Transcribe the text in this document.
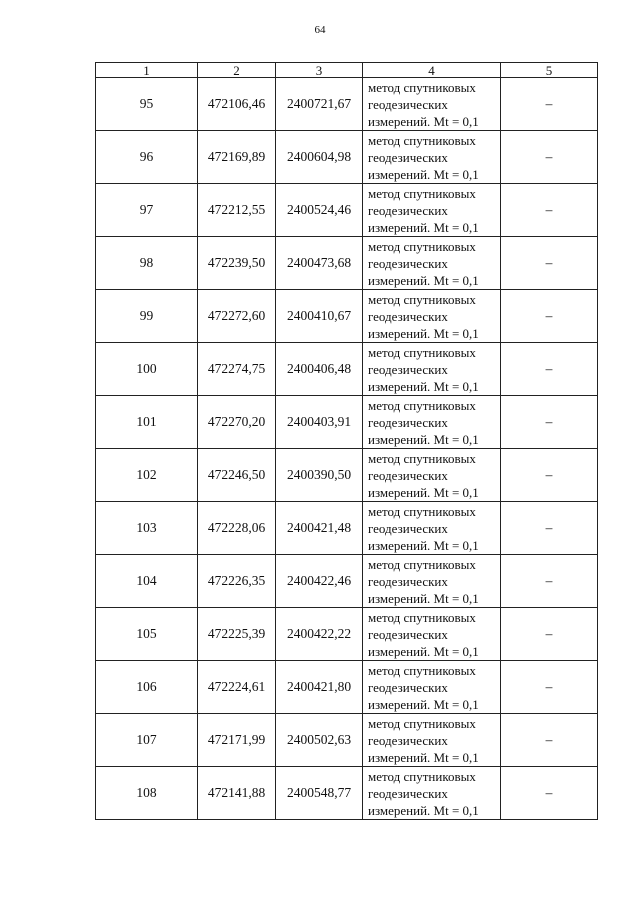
64
1	2	3	4	5
95	472106,46	2400721,67	метод спутниковых
геодезических
измерений. Mt = 0,1	–
96	472169,89	2400604,98	метод спутниковых
геодезических
измерений. Mt = 0,1	–
97	472212,55	2400524,46	метод спутниковых
геодезических
измерений. Mt = 0,1	–
98	472239,50	2400473,68	метод спутниковых
геодезических
измерений. Mt = 0,1	–
99	472272,60	2400410,67	метод спутниковых
геодезических
измерений. Mt = 0,1	–
100	472274,75	2400406,48	метод спутниковых
геодезических
измерений. Mt = 0,1	–
101	472270,20	2400403,91	метод спутниковых
геодезических
измерений. Mt = 0,1	–
102	472246,50	2400390,50	метод спутниковых
геодезических
измерений. Mt = 0,1	–
103	472228,06	2400421,48	метод спутниковых
геодезических
измерений. Mt = 0,1	–
104	472226,35	2400422,46	метод спутниковых
геодезических
измерений. Mt = 0,1	–
105	472225,39	2400422,22	метод спутниковых
геодезических
измерений. Mt = 0,1	–
106	472224,61	2400421,80	метод спутниковых
геодезических
измерений. Mt = 0,1	–
107	472171,99	2400502,63	метод спутниковых
геодезических
измерений. Mt = 0,1	–
108	472141,88	2400548,77	метод спутниковых
геодезических
измерений. Mt = 0,1	–
